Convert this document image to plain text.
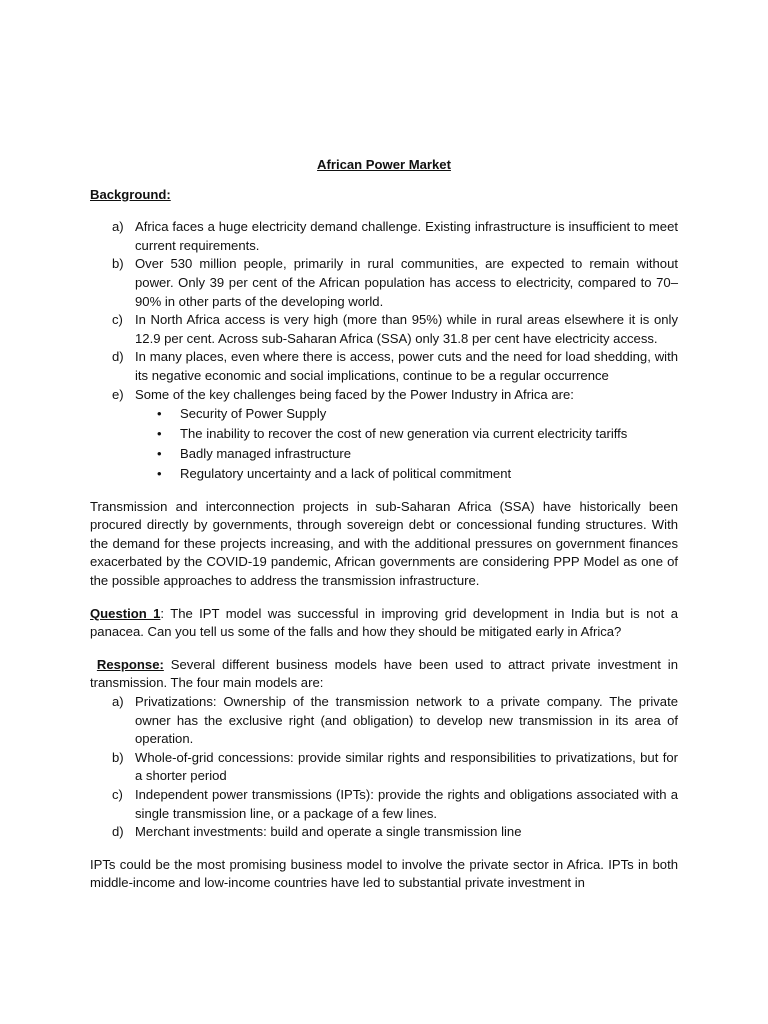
African Power Market
Background:
a) Africa faces a huge electricity demand challenge. Existing infrastructure is insufficient to meet current requirements.
b) Over 530 million people, primarily in rural communities, are expected to remain without power. Only 39 per cent of the African population has access to electricity, compared to 70–90% in other parts of the developing world.
c) In North Africa access is very high (more than 95%) while in rural areas elsewhere it is only 12.9 per cent. Across sub-Saharan Africa (SSA) only 31.8 per cent have electricity access.
d) In many places, even where there is access, power cuts and the need for load shedding, with its negative economic and social implications, continue to be a regular occurrence
e) Some of the key challenges being faced by the Power Industry in Africa are:
• Security of Power Supply
• The inability to recover the cost of new generation via current electricity tariffs
• Badly managed infrastructure
• Regulatory uncertainty and a lack of political commitment

Transmission and interconnection projects in sub-Saharan Africa (SSA) have historically been procured directly by governments, through sovereign debt or concessional funding structures. With the demand for these projects increasing, and with the additional pressures on government finances exacerbated by the COVID-19 pandemic, African governments are considering PPP Model as one of the possible approaches to address the transmission infrastructure.

Question 1: The IPT model was successful in improving grid development in India but is not a panacea. Can you tell us some of the falls and how they should be mitigated early in Africa?

Response: Several different business models have been used to attract private investment in transmission. The four main models are:

a) Privatizations: Ownership of the transmission network to a private company. The private owner has the exclusive right (and obligation) to develop new transmission in its area of operation.
b) Whole-of-grid concessions: provide similar rights and responsibilities to privatizations, but for a shorter period
c) Independent power transmissions (IPTs): provide the rights and obligations associated with a single transmission line, or a package of a few lines.
d) Merchant investments: build and operate a single transmission line

IPTs could be the most promising business model to involve the private sector in Africa. IPTs in both middle-income and low-income countries have led to substantial private investment in
